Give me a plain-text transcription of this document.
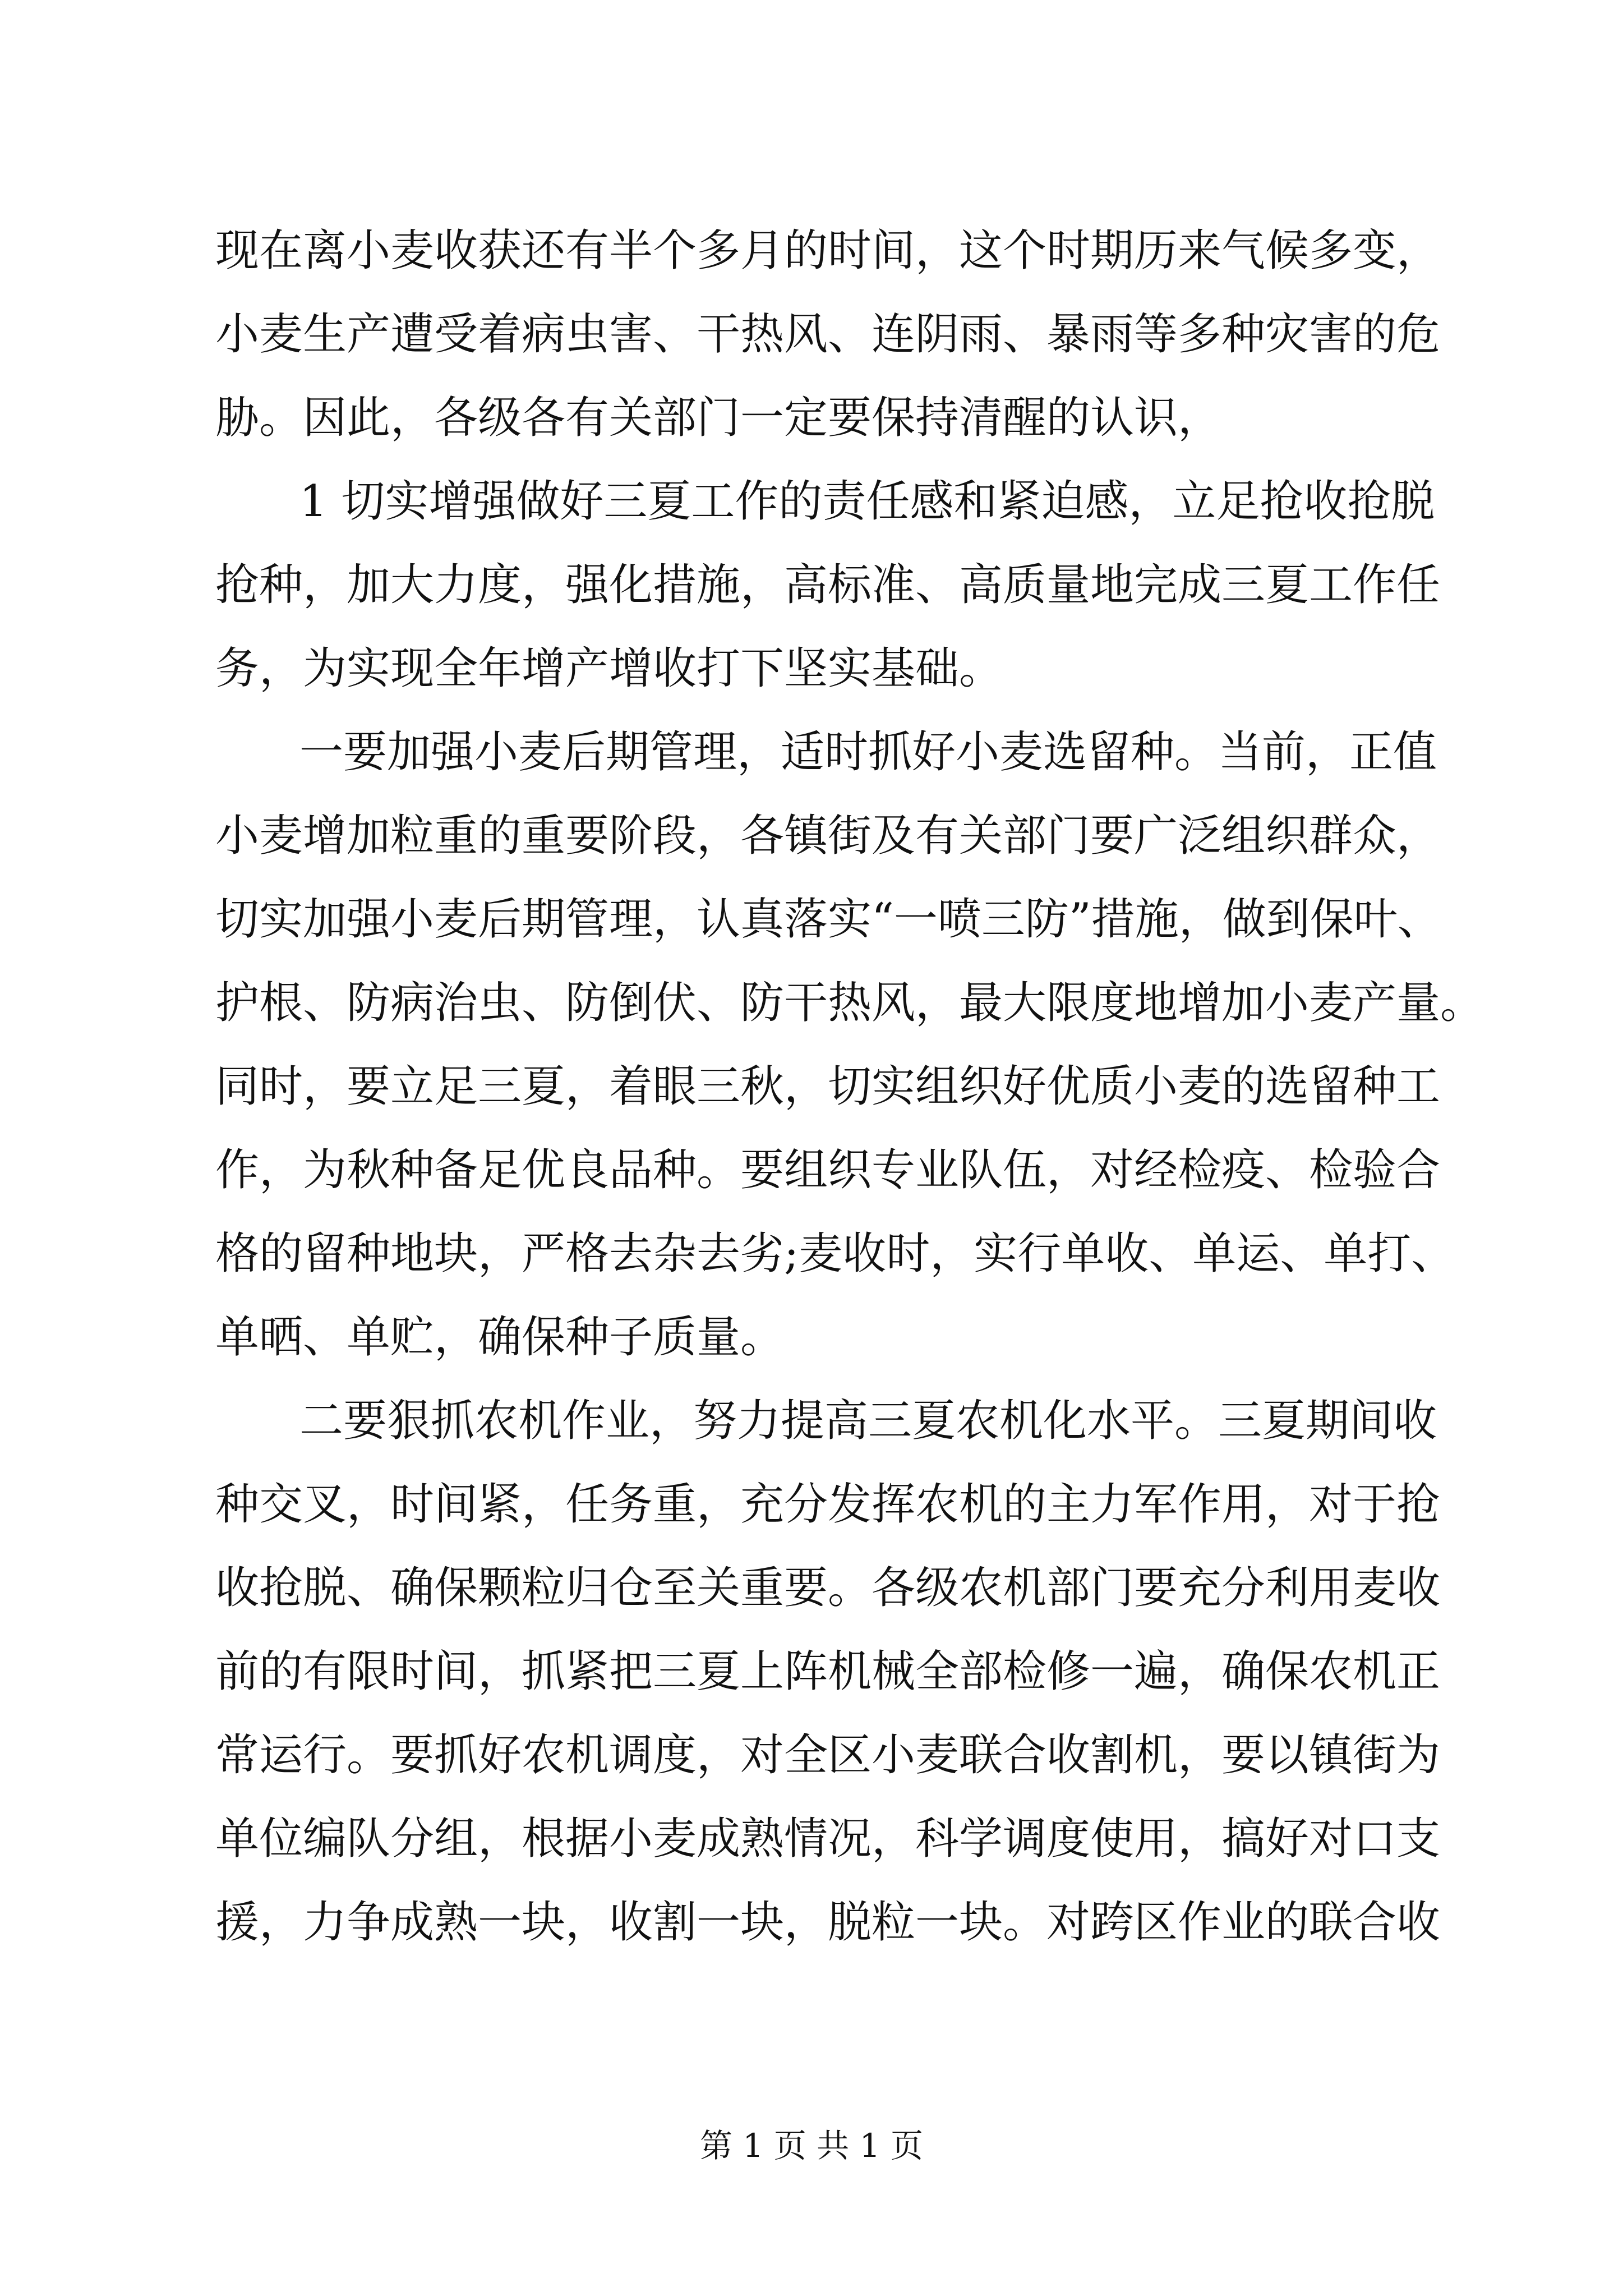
现在离小麦收获还有半个多月的时间，这个时期历来气候多变，
小麦生产遭受着病虫害、干热风、连阴雨、暴雨等多种灾害的危
胁。因此，各级各有关部门一定要保持清醒的认识，
1 切实增强做好三夏工作的责任感和紧迫感，立足抢收抢脱
抢种，加大力度，强化措施，高标准、高质量地完成三夏工作任
务，为实现全年增产增收打下坚实基础。
一要加强小麦后期管理，适时抓好小麦选留种。当前，正值
小麦增加粒重的重要阶段，各镇街及有关部门要广泛组织群众，
切实加强小麦后期管理，认真落实“一喷三防”措施，做到保叶、
护根、防病治虫、防倒伏、防干热风，最大限度地增加小麦产量。
同时，要立足三夏，着眼三秋，切实组织好优质小麦的选留种工
作，为秋种备足优良品种。要组织专业队伍，对经检疫、检验合
格的留种地块，严格去杂去劣;麦收时，实行单收、单运、单打、
单晒、单贮，确保种子质量。
二要狠抓农机作业，努力提高三夏农机化水平。三夏期间收
种交叉，时间紧，任务重，充分发挥农机的主力军作用，对于抢
收抢脱、确保颗粒归仓至关重要。各级农机部门要充分利用麦收
前的有限时间，抓紧把三夏上阵机械全部检修一遍，确保农机正
常运行。要抓好农机调度，对全区小麦联合收割机，要以镇街为
单位编队分组，根据小麦成熟情况，科学调度使用，搞好对口支
援，力争成熟一块，收割一块，脱粒一块。对跨区作业的联合收
第 1 页 共 1 页
